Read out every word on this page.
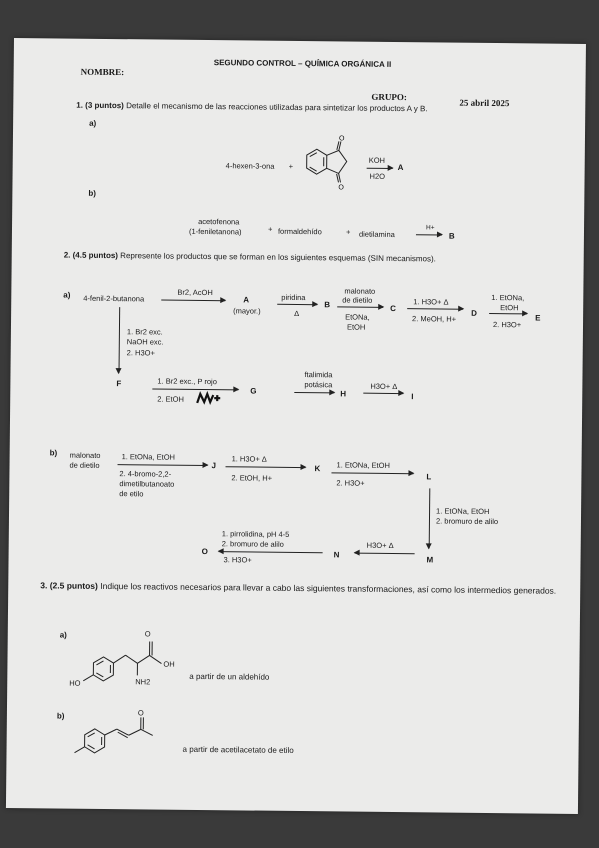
SEGUNDO CONTROL – QUÍMICA ORGÁNICA II
NOMBRE:
GRUPO:
25 abril 2025
1. (3 puntos) Detalle el mecanismo de las reacciones utilizadas para sintetizar los productos A y B.
a)
4-hexen-3-ona +
O
O
KOH
H2O
A
b)
acetofenona
(1-feniletanona)	+ formaldehído	+ dietilamina
H+
B
2. (4.5 puntos) Represente los productos que se forman en los siguientes esquemas (SIN mecanismos).
a) 4-fenil-2-butanona
Br2, AcOH
A
(mayor.)
piridina
Δ
B
malonato
de dietilo
EtONa,
EtOH
C
1. H3O+ Δ
2. MeOH, H+
D
1. EtONa,
EtOH
2. H3O+
E
1. Br2 exc.
NaOH exc.
2. H3O+
F	1. Br2 exc., P rojo
2. EtOH
G
ftalimida
potásica
H
H3O+ Δ
I
b) malonato
de dietilo
1. EtONa, EtOH
2. 4-bromo-2,2-
dimetilbutanoato
de etilo
J
1. H3O+ Δ
2. EtOH, H+
K 1. EtONa, EtOH
2. H3O+
L
1. EtONa, EtOH
2. bromuro de alilo
M
H3O+ Δ
N
1. pirrolidina, pH 4-5
2. bromuro de alilo
3. H3O+
O
3. (2.5 puntos) Indique los reactivos necesarios para llevar a cabo las siguientes transformaciones, así como los intermedios generados.
a)	O
OH
NH2
HO
a partir de un aldehído
b)	O
a partir de acetilacetato de etilo
